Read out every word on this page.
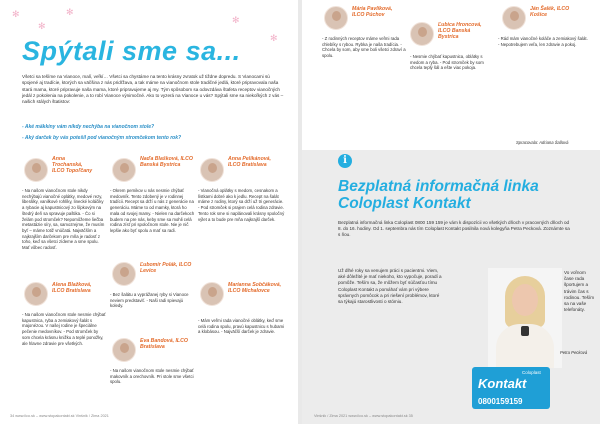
✻
✻
✻
✻
✻
Spýtali sme sa...
Všetci sa tešíme na Vianoce, malí, veľkí… Všetci sa chystáme na tento krásny zvratok už tiždne dopredu. S Vianocami sú spojené aj tradície, ktorých sa väčšina z nás pridŕžava, a tak máme na vianočnom stole tradičné jedlá, ktoré pripravovala naša stará mama, ktoré pripravuje naša mama, ktoré pripravujeme aj my. Tým spôsobom sa odovzdáva štafeta receptov vianočných jedál z pokolenia na pokolenie, a to robí Vianoce výnimočné. Ako to vyzerá na Vianoce u vás? Spýtali sme sa niekoľkých z vás – našich stálych štatistov:
- Aké mäkkiny vám nikdy nechýba na vianočnom stole?
- Aký darček by vás potešil pod vianočným stromčekom tento rok?
Anna Trochanská, ILCO Topoľčany
- Na našom vianočnom stole nikdy nechýbajú vianočné oplátky, medové rezy, liberálky, vanilkové rohlíky, linecké koláčiky a rybacie aj kapustnicový zo šípkovým na štedrý deň sa spravuje paštika. - Čo si želám pod stromček? Nepomôžeme liečba metastázie síry, sa, samozrejme, že musím byť – máme totiž vnúčatá. Najväčším a najkrajším darčekom pre mňa je radosť z toho, keď sa všetci zídeme a sme spolu. Mať vôbec radosť.
Naďa Blašková, ILCO Banská Bystrica
- Okrem pernikov u nás nesmie chýbať medovník. Tento zdobený je v rodinnej tradícii. Recept sa drží u nás z generácie na generáciu. Máme to od mamky, ktorá ho mala od svojej mamy. - Nielen na darčekoch budem na pre nás, keby sme sa mohli celá rodina zísť pri spoločnom stole. Nie je nič lepšie ako byť spolu a mať sa radi.
Anna Pelikánová, ILCO Bratislava
- Vianočná oplátky s medom, cesnakom a lístkami dobré ako k jedlu. Recept na šalát máme z rodiny, ktorý sa drží už tri generácie. - Pod stromček si prajem celá rodina zdravie. Tento rok sme si naplánovali krásny spoločný výlet a to bude pre mňa najkrajší darček.
Alena Blažková, ILCO Bratislava
- Na našom vianočnom stole nesmie chýbať kapustnica, ryba a zemiakový šalát s majonézou. V našej rodine je špeciálne pečenie medovníkov. - Pod stromček by som chcela krásnu knižku a teplé ponožky, ale hlavne zdravie pre všetkých.
Ľubomír Polák, ILCO Levice
- Bez šalátu a vyprážanej ryby si Vianoce neviem predstaviť. - Naši radi spievajú koledy.
Marianna Sobčáková, ILCO Michalovce
- Mám veľmi rada vianočné oblátky, keď sme celá rodina spolu, pravú kapustnicu s hubami a klobásou. - Najväčší darček je zdravie.
Eva Bandová, ILCO Bratislava
- Na našom vianočnom stole nesmie chýbať makovník a orechovník. Pri stole sme všetci spolu.
34 www.ilco.sk – www.stopakontakt.sk Vinšnik / Zima 2021
Mária Pavlíková, ILCO Púchov
- Z rodinných receptov máme veľmi rada chlebíky s rybou. Rybka je naša tradícia. - Chcela by som, aby sme boli všetci zdraví a spolu.
Ľubica Hroncová, ILCO Banská Bystrica
- Nesmie chýbať kapustnica, oblátky s medom a ryba. - Pod stromček by som chcela teplý šál a ešte viac pokoja.
Ján Šalék, ILCO Košice
- Rád mám vianočné koláče a zemiakový šalát. - Nepotrebujem veľa, len zdravie a pokoj.
Spracovala: Adriana Šallová
i
Bezplatná informačná linka Coloplast Kontakt
Bezplatná informačná linka Coloplast 0800 159 159 je vám k dispozícii vo všetkých dňoch v pracovných dňoch od 8. do 16. hodiny. Od 1. septembra nás tím Coloplast Kontakt posilnila nová kolegyňa Petra Pecková. Zoznámte sa s ňou.
Už dlhé roky sa venujem práci s pacientmi. Viem, aké dôležité je mať niekoho, kto vypočuje, poradí a pomôže. Teším sa, že môžem byť súčasťou tímu Coloplast Kontakt a pomáhať vám pri výbere správnych pomôcok a pri riešení problémov, ktoré sa týkajú starostlivosti o stómiu.
Vo voľnom čase rada športujem a trávim čas s rodinou. Teším sa na vaše telefonáty.
Petra Pecková
Coloplast
Kontakt
0800159159
Vinšnik / Zima 2021 www.ilco.sk – www.stopakontakt.sk 35
